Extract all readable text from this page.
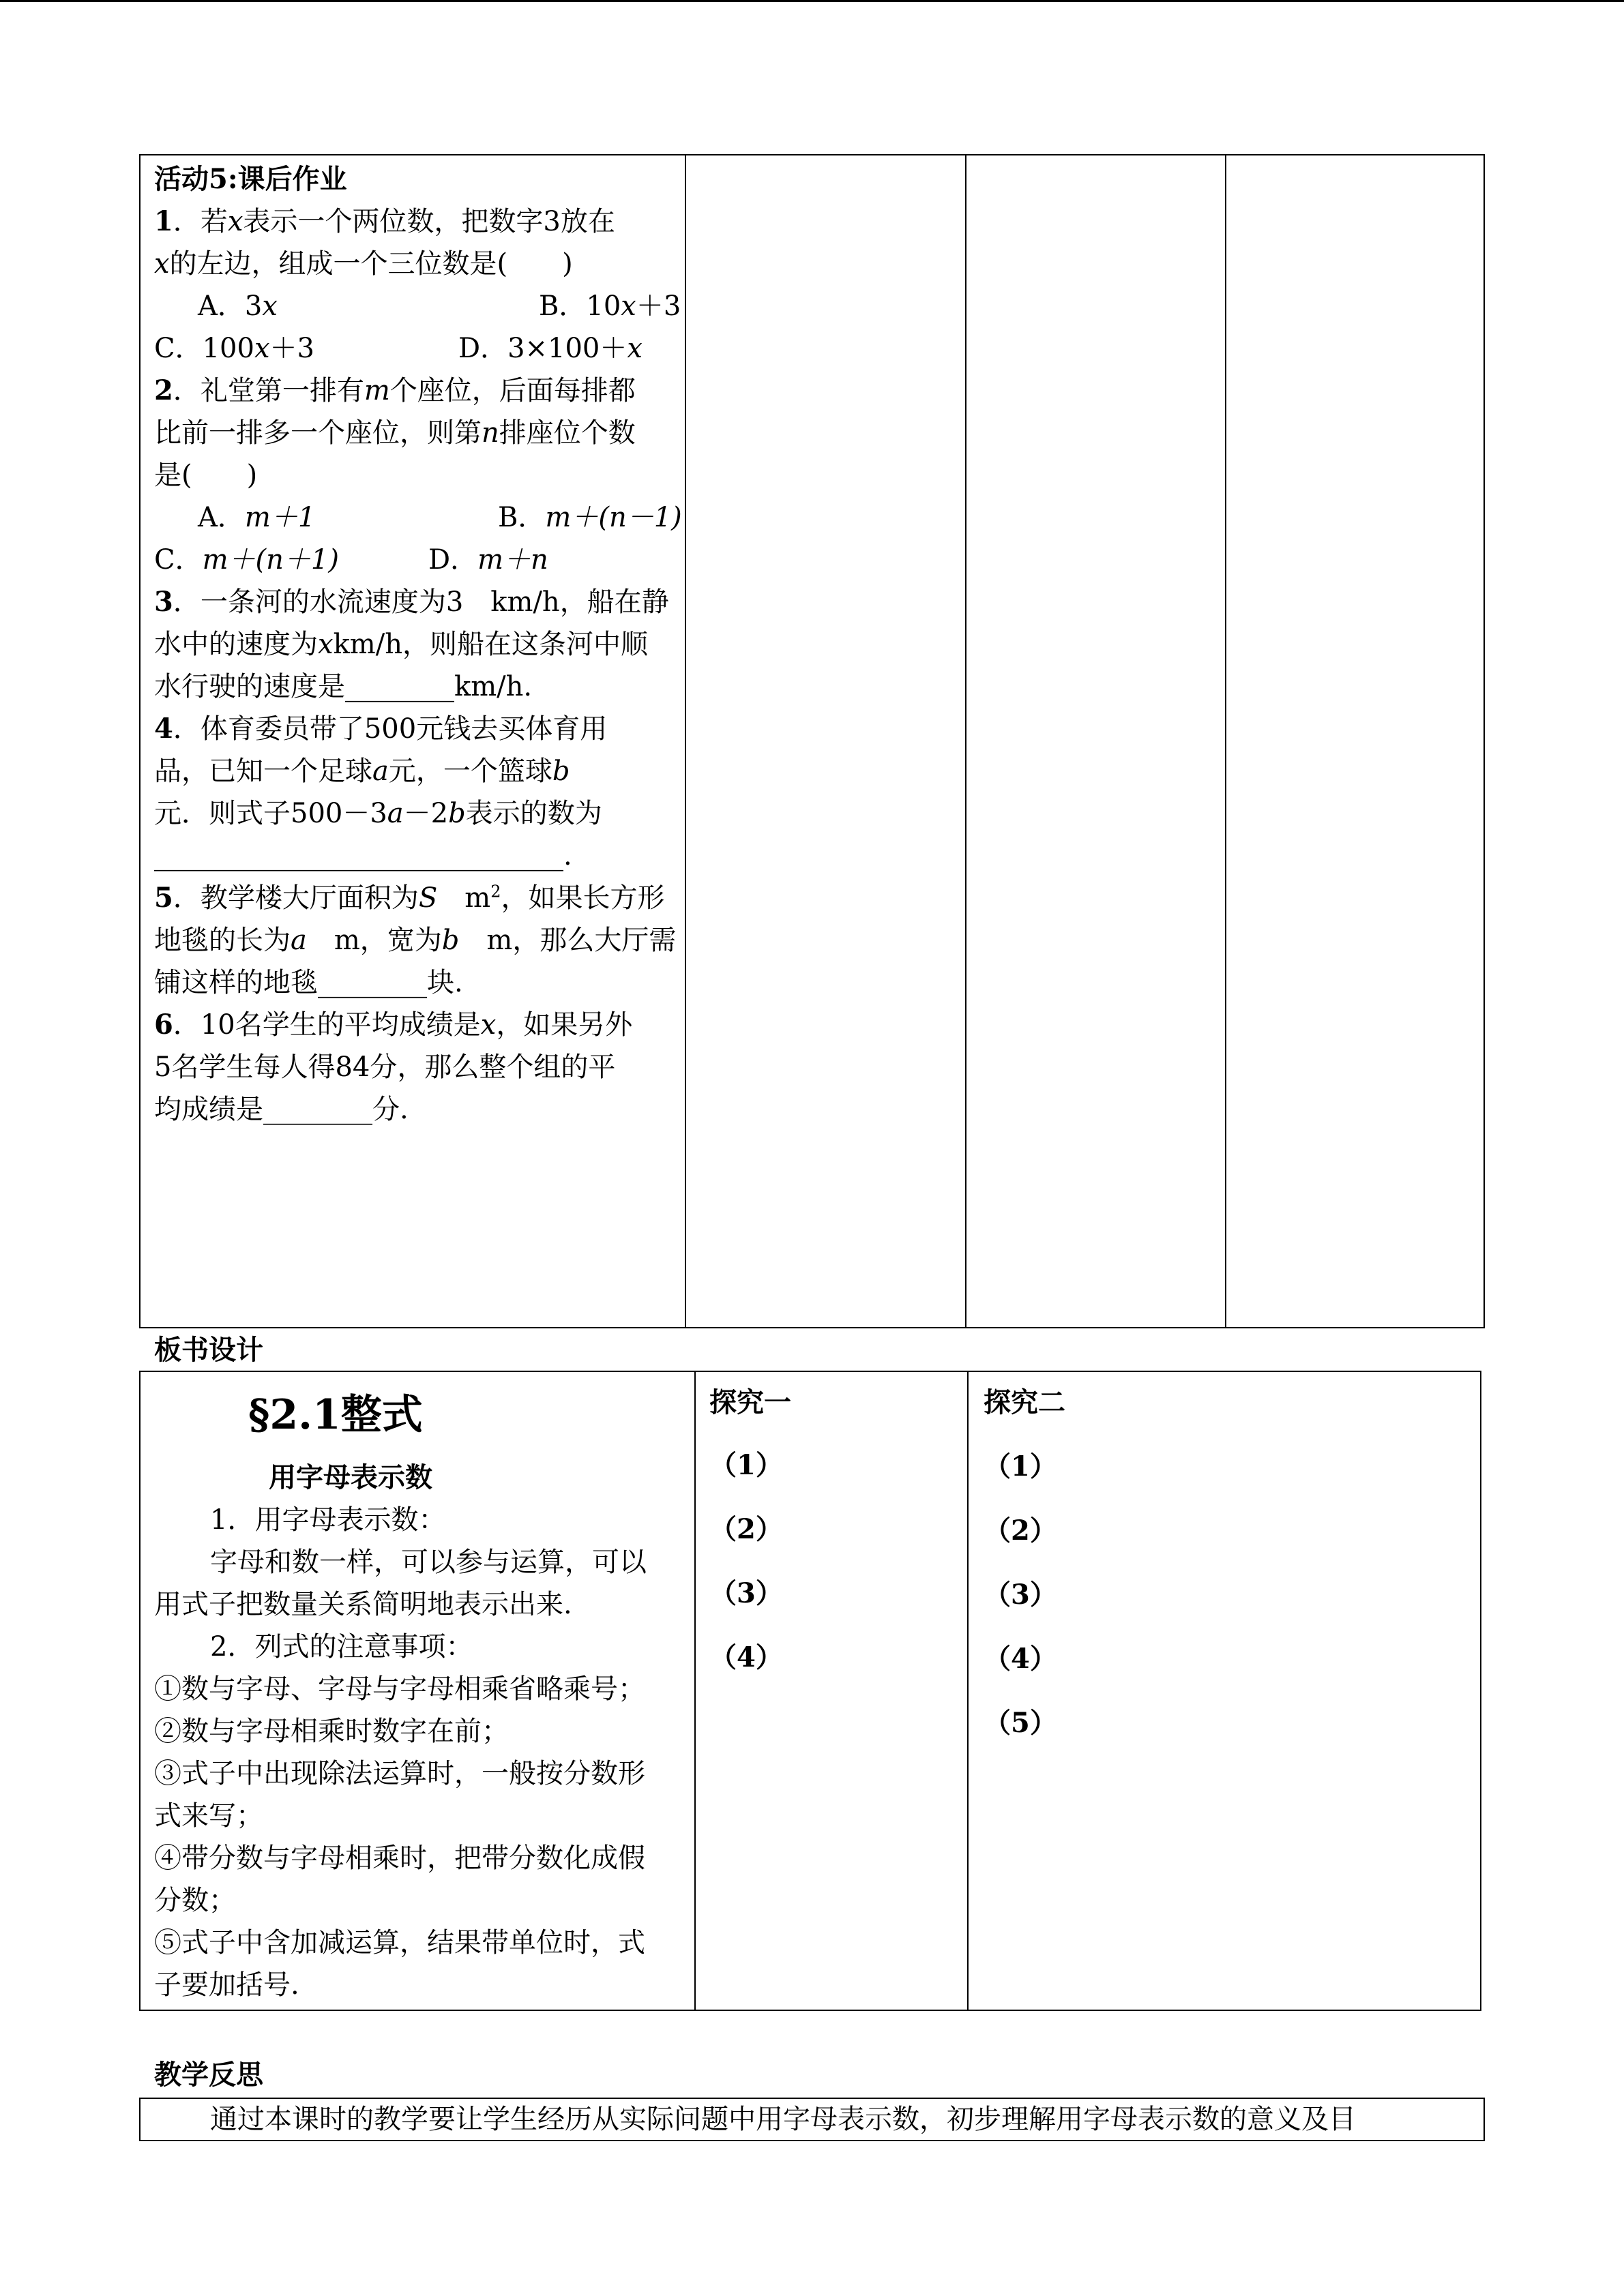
活动5:课后作业
1．若x表示一个两位数，把数字3放在
x的左边，组成一个三位数是(　　)
A．3x	B．10x＋3
C．100x＋3	D．3×100＋x
2．礼堂第一排有m个座位，后面每排都
比前一排多一个座位，则第n排座位个数
是(　　)
A．m＋1	B．m＋(n－1)
C．m＋(n＋1)	D．m＋n
3．一条河的水流速度为3　km/h，船在静
水中的速度为xkm/h，则船在这条河中顺
水行驶的速度是________km/h.
4．体育委员带了500元钱去买体育用
品，已知一个足球a元，一个篮球b
元．则式子500－3a－2b表示的数为
______________________________.
5．教学楼大厅面积为S　$m^2$，如果长方形
地毯的长为a　m，宽为b　m，那么大厅需
铺这样的地毯________块.
6．10名学生的平均成绩是x，如果另外
5名学生每人得84分，那么整个组的平
均成绩是________分.
板书设计
§2.1整式
用字母表示数
1．用字母表示数：
字母和数一样，可以参与运算，可以
用式子把数量关系简明地表示出来.
2．列式的注意事项：
①数与字母、字母与字母相乘省略乘号；
②数与字母相乘时数字在前；
③式子中出现除法运算时，一般按分数形
式来写；
④带分数与字母相乘时，把带分数化成假
分数；
⑤式子中含加减运算，结果带单位时，式
子要加括号.
探究一
（1）
（2）
（3）
（4）
探究二
（1）
（2）
（3）
（4）
（5）
教学反思
通过本课时的教学要让学生经历从实际问题中用字母表示数，初步理解用字母表示数的意义及目
